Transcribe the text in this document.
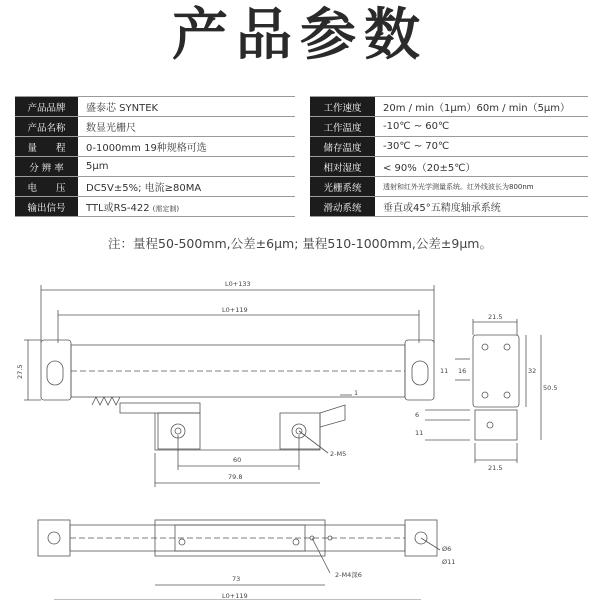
产品参数
产品品牌	盛泰芯 SYNTEK
产品名称	数显光栅尺
量　　程	0-1000mm 19种规格可选
分 辨 率	5μm
电　　压	DC5V±5%; 电流≥80MA
输出信号	TTL或RS-422 (需定制)
工作速度	20m / min（1μm）60m / min（5μm）
工作温度	-10℃ ~ 60℃
储存温度	-30℃ ~ 70℃
相对湿度	< 90%（20±5℃）
光栅系统	透射和红外光学测量系统。红外线波长为800nm
滑动系统	垂直或45°五精度轴承系统
注：量程50-500mm,公差±6μm; 量程510-1000mm,公差±9μm。
L0+133
L0+119
27.5
1
60
79.8
2-M5
21.5
11 16	32
50.5
6
11
21.5
73
L0+119
2-M4深6
Ø6
Ø11
